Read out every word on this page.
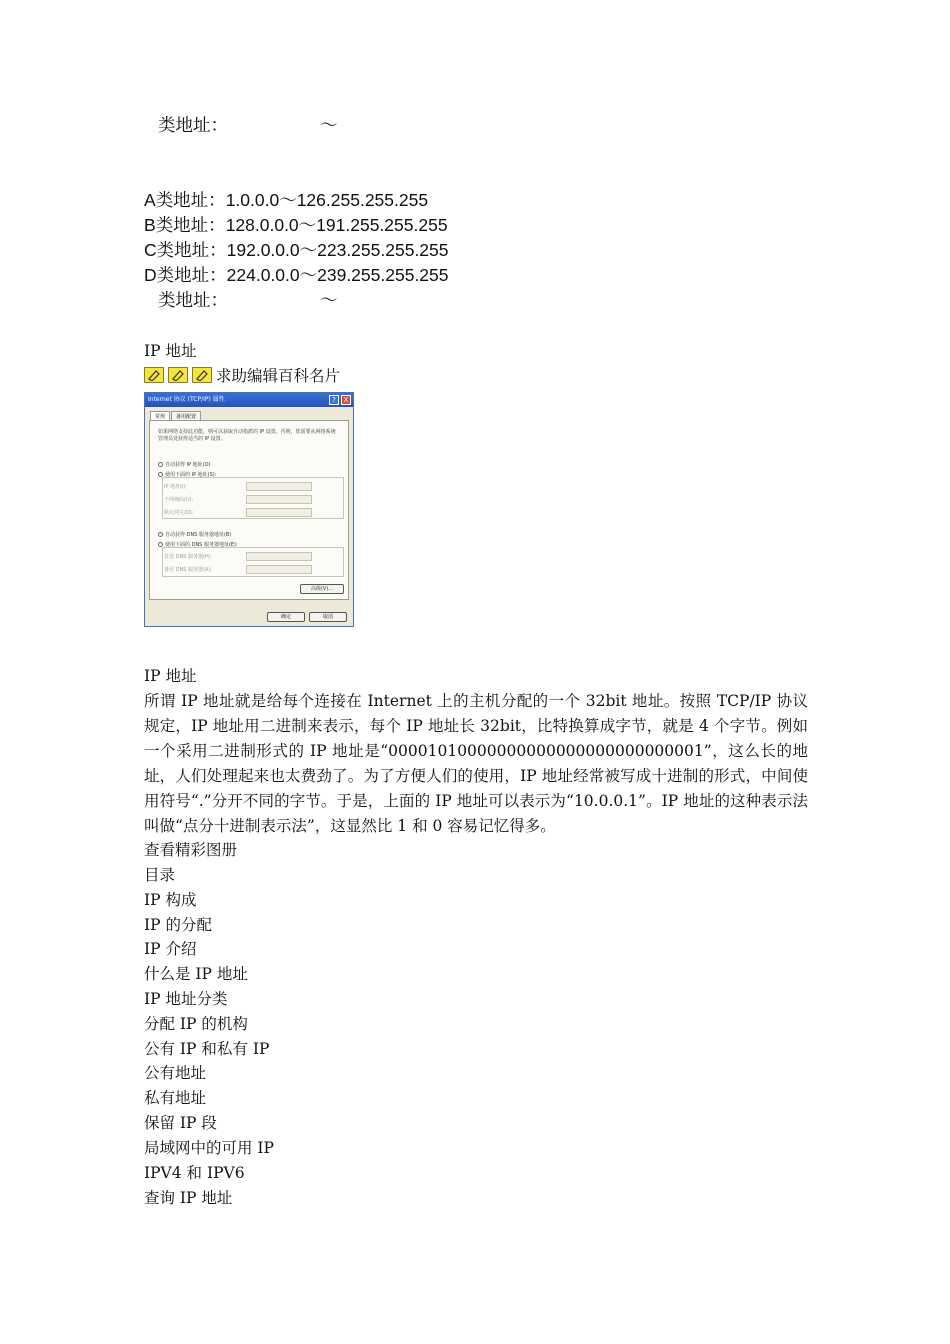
类地址：	～
A类地址：1.0.0.0～126.255.255.255
B类地址：128.0.0.0～191.255.255.255
C类地址：192.0.0.0～223.255.255.255
D类地址：224.0.0.0～239.255.255.255
类地址：	～
IP 地址
求助编辑百科名片
Internet 协议 (TCP/IP) 属性	?	X
常规	备用配置
如果网络支持此功能，则可以获取自动指派的 IP 设置。否则，您需要从网络系统管理员处获得适当的 IP 设置。
自动获得 IP 地址(O)
使用下面的 IP 地址(S):
IP 地址(I):
子网掩码(U):
默认网关(D):
自动获得 DNS 服务器地址(B)
使用下面的 DNS 服务器地址(E):
首选 DNS 服务器(P):
备用 DNS 服务器(A):
高级(V)...
确定	取消
IP 地址
所谓 IP 地址就是给每个连接在 Internet 上的主机分配的一个 32bit 地址。按照 TCP/IP 协议规定，IP 地址用二进制来表示，每个 IP 地址长 32bit，比特换算成字节，就是 4 个字节。例如一个采用二进制形式的 IP 地址是“00001010000000000000000000000001”，这么长的地址，人们处理起来也太费劲了。为了方便人们的使用，IP 地址经常被写成十进制的形式，中间使用符号“.”分开不同的字节。于是，上面的 IP 地址可以表示为“10.0.0.1”。IP 地址的这种表示法叫做“点分十进制表示法”，这显然比 1 和 0 容易记忆得多。
查看精彩图册
目录
IP 构成
IP 的分配
IP 介绍
什么是 IP 地址
IP 地址分类
分配 IP 的机构
公有 IP 和私有 IP
公有地址
私有地址
保留 IP 段
局域网中的可用 IP
IPV4 和 IPV6
查询 IP 地址
